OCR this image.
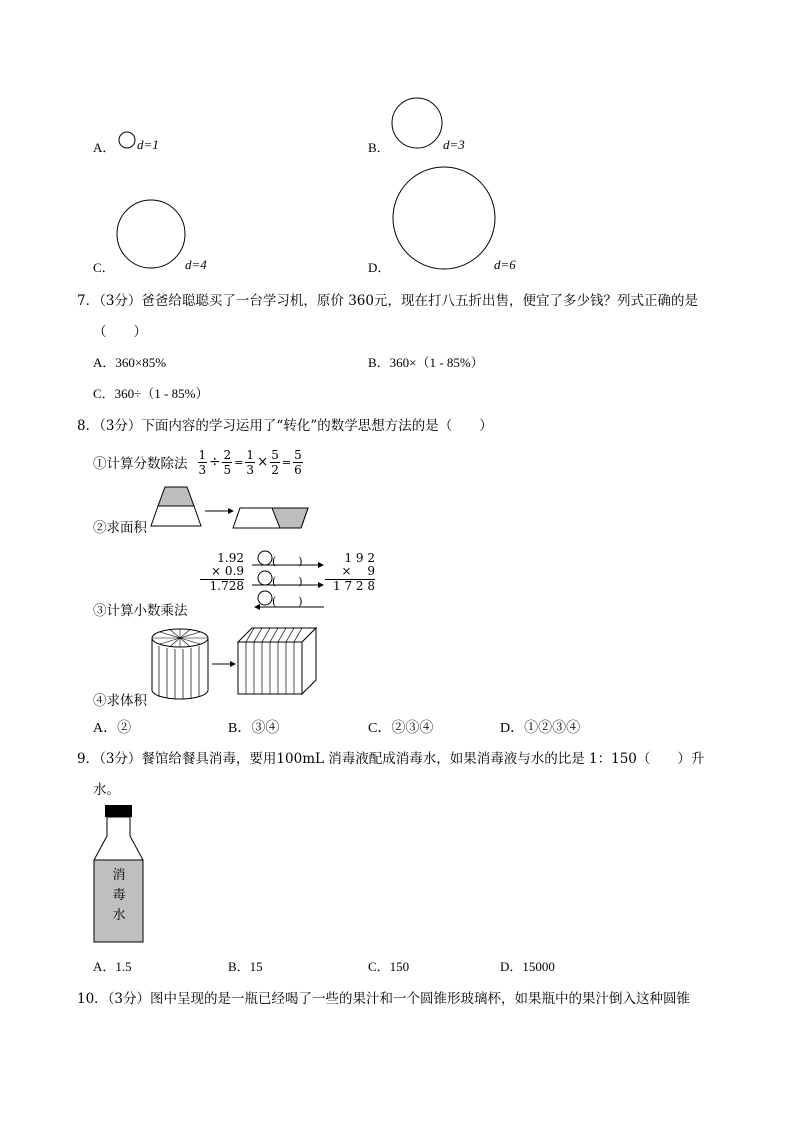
A． d=1	B．	d=3
C．	d=4	D．	d=6
7．（3分）爸爸给聪聪买了一台学习机，原价 360元，现在打八五折出售，便宜了多少钱？列式正确的是
（　　）
A．360×85%	B．360×（1 - 85%）
C．360÷（1 - 85%）
8．（3分）下面内容的学习运用了“转化”的数学思想方法的是（　　）
①计算分数除法 $\frac{1}{3} \div \frac{2}{5} = \frac{1}{3} \times \frac{5}{2} = \frac{5}{6}$
②求面积
1.92
× 0.9
1.728
(　　)
(　　)
(　　)
1 9 2
×　 9
1 7 2 8
③计算小数乘法
④求体积
A．②	B．③④	C．②③④	D．①②③④
9．（3分）餐馆给餐具消毒，要用100mL 消毒液配成消毒水，如果消毒液与水的比是 1：150（　　）升
水。
消
毒
水
A．1.5	B．15	C．150	D．15000
10．（3分）图中呈现的是一瓶已经喝了一些的果汁和一个圆锥形玻璃杯，如果瓶中的果汁倒入这种圆锥
